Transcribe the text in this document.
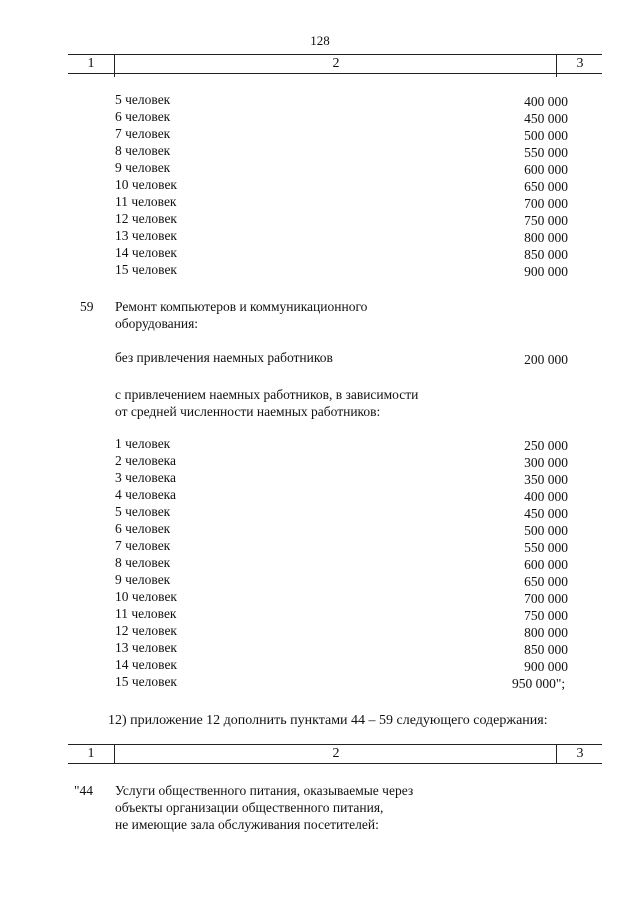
128
1	2	3
5 человек	400 000
6 человек	450 000
7 человек	500 000
8 человек	550 000
9 человек	600 000
10 человек	650 000
11 человек	700 000
12 человек	750 000
13 человек	800 000
14 человек	850 000
15 человек	900 000
59 Ремонт компьютеров и коммуникационного
оборудования:
без привлечения наемных работников	200 000
с привлечением наемных работников, в зависимости
от средней численности наемных работников:
1 человек	250 000
2 человека	300 000
3 человека	350 000
4 человека	400 000
5 человек	450 000
6 человек	500 000
7 человек	550 000
8 человек	600 000
9 человек	650 000
10 человек	700 000
11 человек	750 000
12 человек	800 000
13 человек	850 000
14 человек	900 000
15 человек	950 000";
12) приложение 12 дополнить пунктами 44 – 59 следующего содержания:
1	2	3
"44 Услуги общественного питания, оказываемые через
объекты организации общественного питания,
не имеющие зала обслуживания посетителей:
